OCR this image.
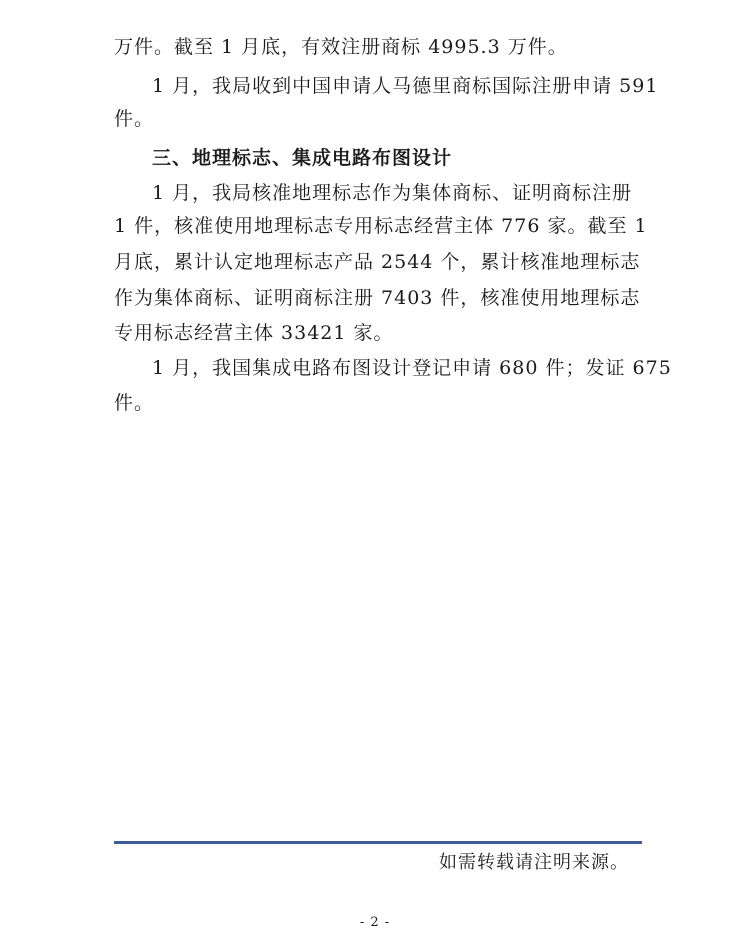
万件。截至 1 月底，有效注册商标 4995.3 万件。
1 月，我局收到中国申请人马德里商标国际注册申请 591
件。
三、地理标志、集成电路布图设计
1 月，我局核准地理标志作为集体商标、证明商标注册
1 件，核准使用地理标志专用标志经营主体 776 家。截至 1
月底，累计认定地理标志产品 2544 个，累计核准地理标志
作为集体商标、证明商标注册 7403 件，核准使用地理标志
专用标志经营主体 33421 家。
1 月，我国集成电路布图设计登记申请 680 件；发证 675
件。
如需转载请注明来源。
- 2 -
